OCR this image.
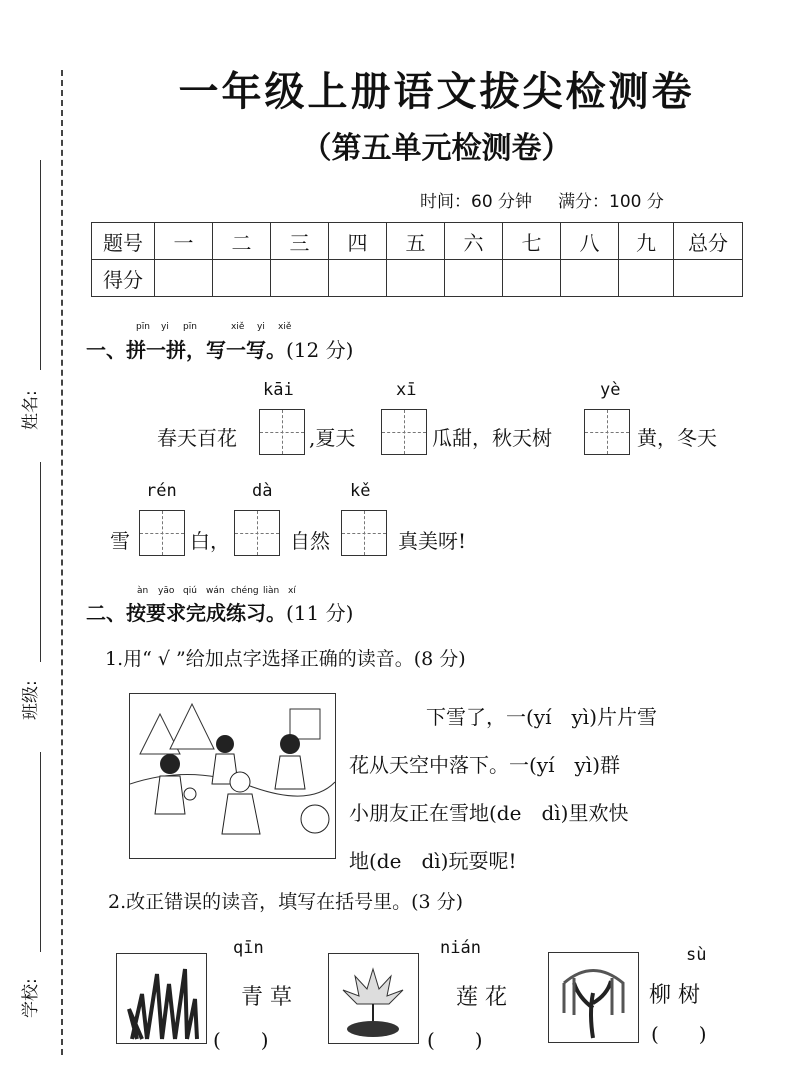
姓名:
班级:
学校:
一年级上册语文拔尖检测卷
（第五单元检测卷）
时间：60 分钟 满分：100 分
题号	一	二	三	四	五	六	七	八	九	总分
得分										
pīn yi pīn	xiě yi xiě
一、拼一拼，写一写。(12 分)
kāi	xī	yè
春天百花	,夏天	瓜甜，秋天树	黄，冬天
rén	dà	kě
雪	白，	自然	真美呀!
àn yāo qiú wán chéng liàn xí
二、按要求完成练习。(11 分)
1.用“ √ ”给加点字选择正确的读音。(8 分)
下雪了，一(yí　yì)片片雪
花从天空中落下。一(yí　yì)群
小朋友正在雪地(de　dì)里欢快
地(de　dì)玩耍呢!
2.改正错误的读音，填写在括号里。(3 分)
qīn
青 草
(　　)
nián
莲 花
(　　)
sù
柳 树
(　　)
